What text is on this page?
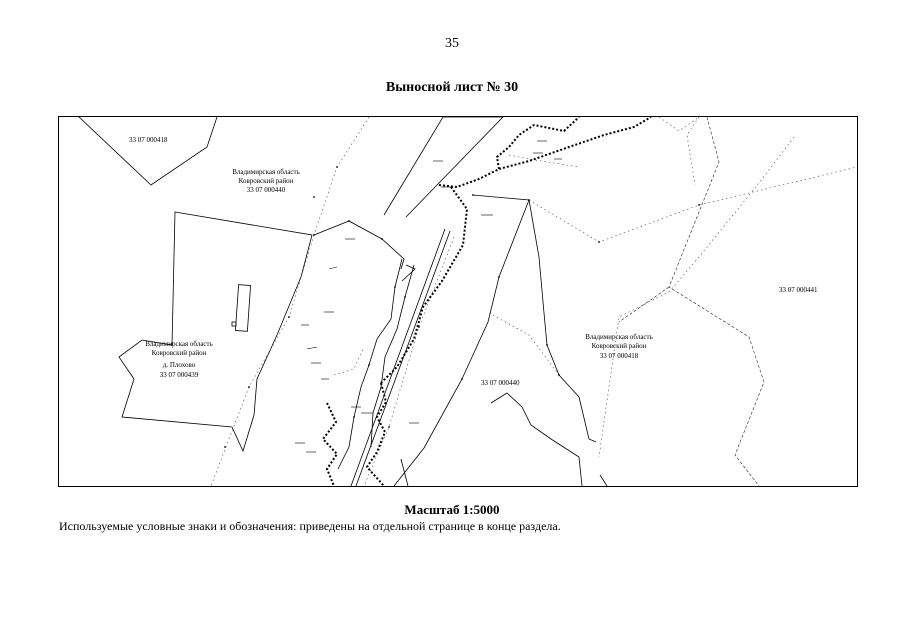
35
Выносной лист № 30
33 07 000418
Владимирская область
Ковровский район
33 07 000440
33 07 000441
Владимирская область
Ковровский район
д. Плохово
33 07 000439
Владимирская область
Ковровский район
33 07 000418
33 07 000440
Масштаб 1:5000
Используемые условные знаки и обозначения: приведены на отдельной странице в конце раздела.
